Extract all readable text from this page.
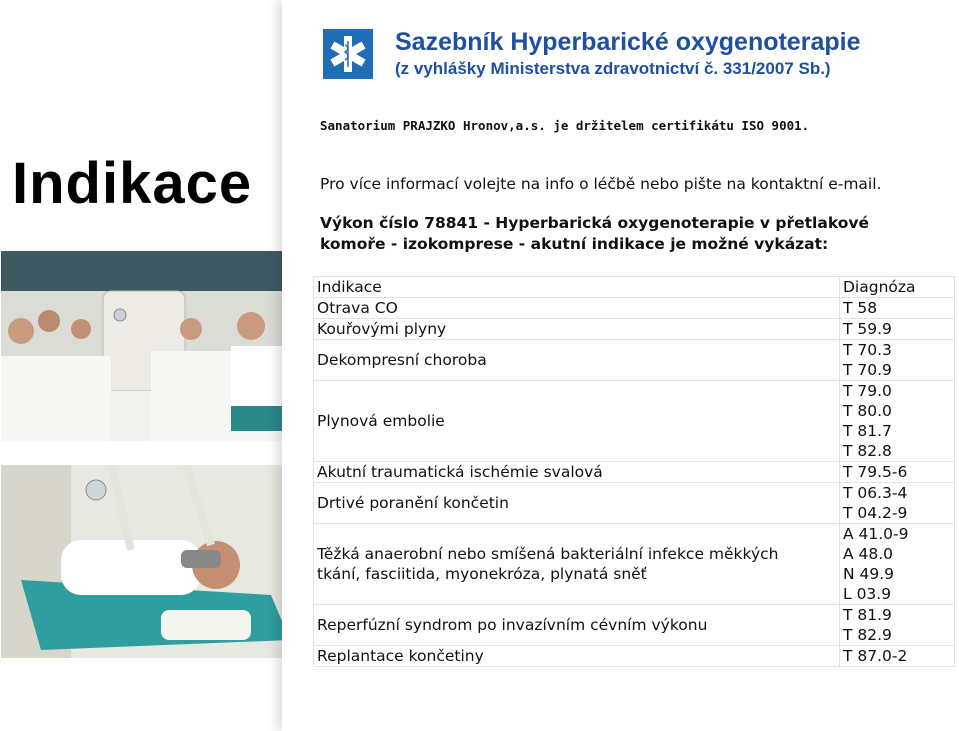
Indikace
Sazebník Hyperbarické oxygenoterapie
(z vyhlášky Ministerstva zdravotnictví č. 331/2007 Sb.)
Sanatorium PRAJZKO Hronov,a.s. je držitelem certifikátu ISO 9001.
Pro více informací volejte na info o léčbě nebo pište na kontaktní e-mail.
Výkon číslo 78841 - Hyperbarická oxygenoterapie v přetlakové
komoře - izokomprese - akutní indikace je možné vykázat:
Indikace	Diagnóza

Otrava CO	T 58

Kouřovými plyny	T 59.9

Dekompresní choroba	T 70.3
T 70.9

Plynová embolie	T 79.0
T 80.0
T 81.7
T 82.8

Akutní traumatická ischémie svalová	T 79.5-6

Drtivé poranění končetin	T 06.3-4
T 04.2-9

Těžká anaerobní nebo smíšená bakteriální infekce měkkých
tkání, fasciitida, myonekróza, plynatá sněť	A 41.0-9
A 48.0
N 49.9
L 03.9

Reperfúzní syndrom po invazívním cévním výkonu	T 81.9
T 82.9

Replantace končetiny	T 87.0-2
